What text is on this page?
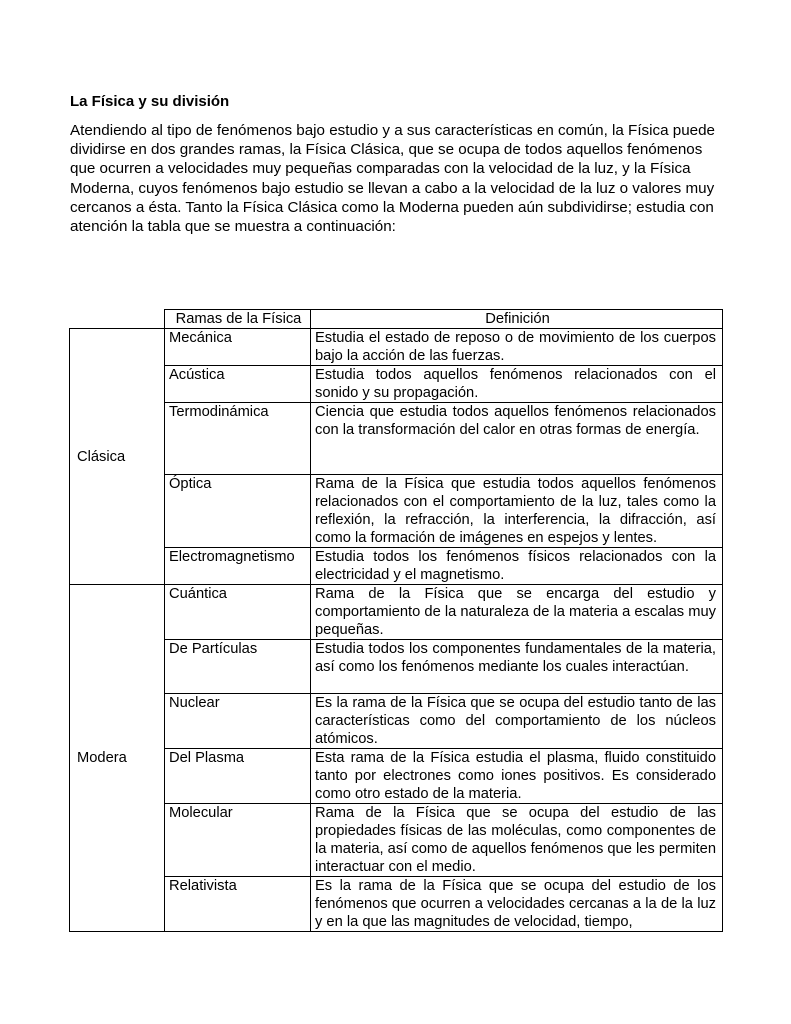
La Física y su división
Atendiendo al tipo de fenómenos bajo estudio y a sus características en común, la Física puede dividirse en dos grandes ramas, la Física Clásica, que se ocupa de todos aquellos fenómenos que ocurren a velocidades muy pequeñas comparadas con la velocidad de la luz, y la Física Moderna, cuyos fenómenos bajo estudio se llevan a cabo a la velocidad de la luz o valores muy cercanos a ésta. Tanto la Física Clásica como la Moderna pueden aún subdividirse; estudia con atención la tabla que se muestra a continuación:
	Ramas de la Física	Definición
Clásica	Mecánica	Estudia el estado de reposo o de movimiento de los cuerpos bajo la acción de las fuerzas.
	Acústica	Estudia todos aquellos fenómenos relacionados con el sonido y su propagación.
	Termodinámica	Ciencia que estudia todos aquellos fenómenos relacionados con la transformación del calor en otras formas de energía.
	Óptica	Rama de la Física que estudia todos aquellos fenómenos relacionados con el comportamiento de la luz, tales como la reflexión, la refracción, la interferencia, la difracción, así como la formación de imágenes en espejos y lentes.
	Electromagnetismo	Estudia todos los fenómenos físicos relacionados con la electricidad y el magnetismo.
Modera	Cuántica	Rama de la Física que se encarga del estudio y comportamiento de la naturaleza de la materia a escalas muy pequeñas.
	De Partículas	Estudia todos los componentes fundamentales de la materia, así como los fenómenos mediante los cuales interactúan.
	Nuclear	Es la rama de la Física que se ocupa del estudio tanto de las características como del comportamiento de los núcleos atómicos.
	Del Plasma	Esta rama de la Física estudia el plasma, fluido constituido tanto por electrones como iones positivos. Es considerado como otro estado de la materia.
	Molecular	Rama de la Física que se ocupa del estudio de las propiedades físicas de las moléculas, como componentes de la materia, así como de aquellos fenómenos que les permiten interactuar con el medio.
	Relativista	Es la rama de la Física que se ocupa del estudio de los fenómenos que ocurren a velocidades cercanas a la de la luz y en la que las magnitudes de velocidad, tiempo,
